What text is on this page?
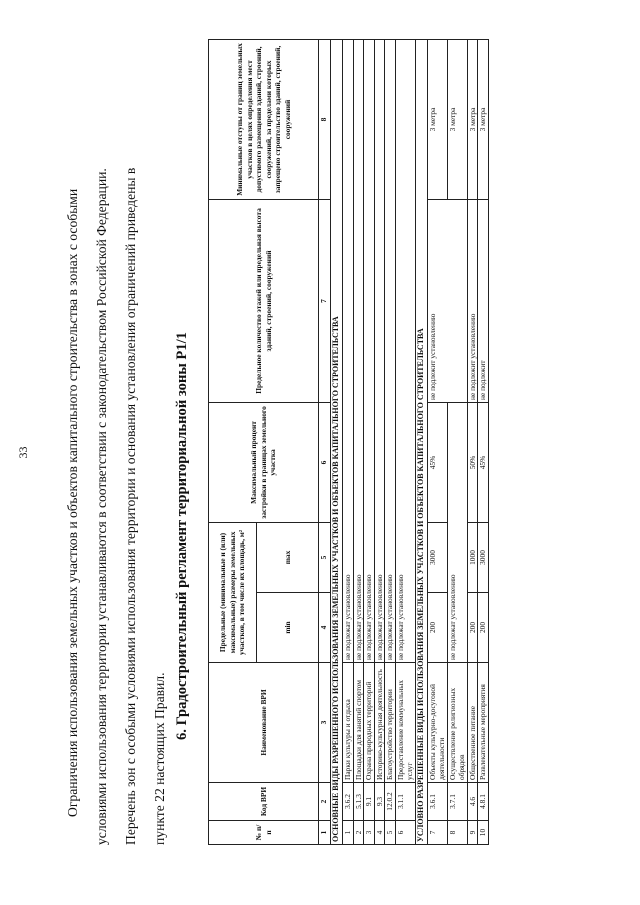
33	Ограничения использования земельных участков и объектов капитального строительства в зонах с особыми	условиями использования территории устанавливаются в соответствии с законодательством Российской Федерации.	Перечень зон с особыми условиями использования территории и основания установления ограничений приведены в	пункте 22 настоящих Правил.
6. Градостроительный регламент территориальной зоны Р1/1
№ п/п	Код ВРИ	Наименование ВРИ	Предельные (минимальные и (или) максимальные) размеры земельных участков, в том числе их площадь, м²		Максимальный процент застройки в границах земельного участка	Предельное количество этажей или предельная высота зданий, строений, сооружений	Минимальные отступы от границ земельных участков в целях определения мест допустимого размещения зданий, строений, сооружений, за пределами которых запрещено строительство зданий, строений, сооружений
			min	max			
1	2	3	4	5	6	7	8
ОСНОВНЫЕ ВИДЫ РАЗРЕШЕННОГО ИСПОЛЬЗОВАНИЯ ЗЕМЕЛЬНЫХ УЧАСТКОВ И ОБЪЕКТОВ КАПИТАЛЬНОГО СТРОИТЕЛЬСТВА							
1	3.6.2	Парки культуры и отдыха	не подлежат установлению				
2	5.1.3	Площадки для занятий спортом	не подлежат установлению				
3	9.1	Охрана природных территорий	не подлежат установлению				
4	9.3	Историко-культурная деятельность	не подлежат установлению				
5	12.0.2	Благоустройство территории	не подлежат установлению				
6	3.1.1	Предоставление коммунальных услуг	не подлежат установлению				
УСЛОВНО РАЗРЕШЕННЫЕ ВИДЫ ИСПОЛЬЗОВАНИЯ ЗЕМЕЛЬНЫХ УЧАСТКОВ И ОБЪЕКТОВ КАПИТАЛЬНОГО СТРОИТЕЛЬСТВА							
7	3.6.1	Объекты культурно-досуговой деятельности	200	3000	45%	не подлежит установлению	3 метра
8	3.7.1	Осуществление религиозных обрядов	не подлежат установлению				3 метра
9	4.6	Общественное питание	200	1000	50%	не подлежит установлению	3 метра
10	4.8.1	Развлекательные мероприятия	200	3000	45%	не подлежит	3 метра
